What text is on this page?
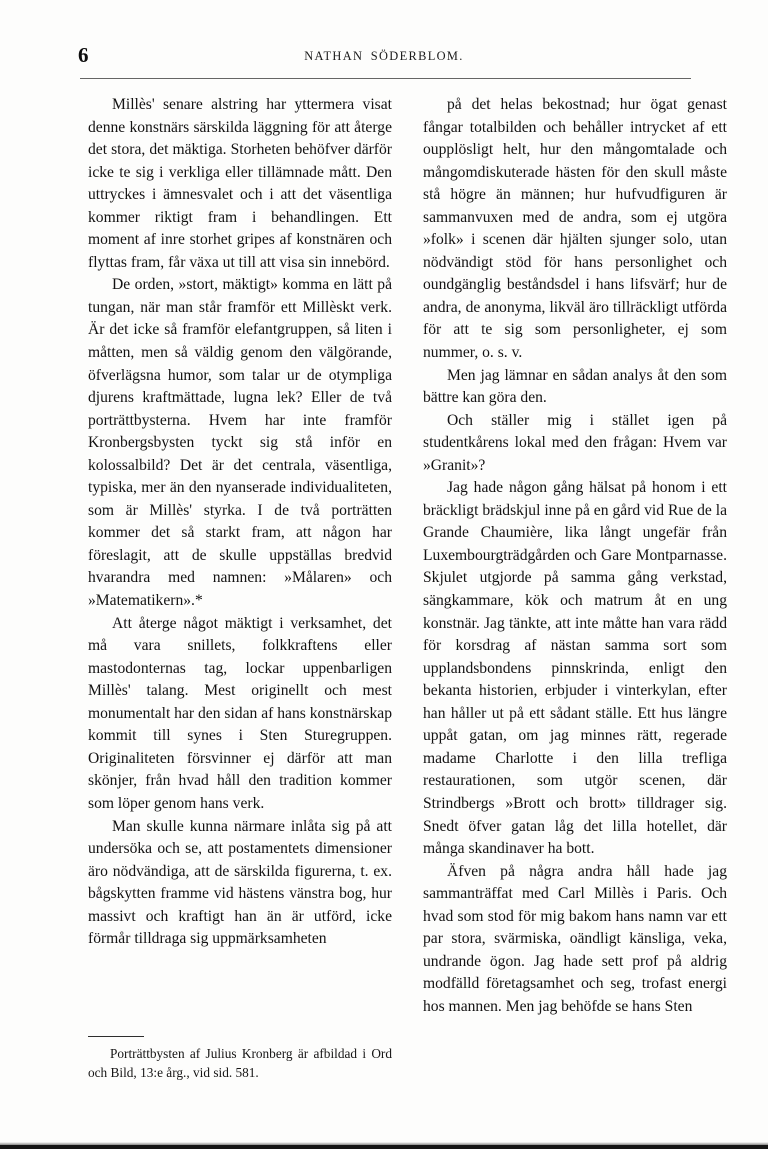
6	NATHAN SÖDERBLOM.

Millès' senare alstring har yttermera visat denne konstnärs särskilda läggning för att återge det stora, det mäktiga. Storheten behöfver därför icke te sig i verkliga eller tillämnade mått. Den uttryckes i ämnesvalet och i att det väsentliga kommer riktigt fram i behandlingen. Ett moment af inre storhet gripes af konstnären och flyttas fram, får växa ut till att visa sin innebörd.

De orden, »stort, mäktigt» komma en lätt på tungan, när man står framför ett Millèskt verk. Är det icke så framför elefantgruppen, så liten i måtten, men så väldig genom den välgörande, öfverlägsna humor, som talar ur de otympliga djurens kraftmättade, lugna lek? Eller de två porträttbysterna. Hvem har inte framför Kronbergsbysten tyckt sig stå inför en kolossalbild? Det är det centrala, väsentliga, typiska, mer än den nyanserade individualiteten, som är Millès' styrka. I de två porträtten kommer det så starkt fram, att någon har föreslagit, att de skulle uppställas bredvid hvarandra med namnen: »Målaren» och »Matematikern».*

Att återge något mäktigt i verksamhet, det må vara snillets, folkkraftens eller mastodonternas tag, lockar uppenbarligen Millès' talang. Mest originellt och mest monumentalt har den sidan af hans konstnärskap kommit till synes i Sten Sturegruppen. Originaliteten försvinner ej därför att man skönjer, från hvad håll den tradition kommer som löper genom hans verk.

Man skulle kunna närmare inlåta sig på att undersöka och se, att postamentets dimensioner äro nödvändiga, att de särskilda figurerna, t. ex. bågskytten framme vid hästens vänstra bog, hur massivt och kraftigt han än är utförd, icke förmår tilldraga sig uppmärksamheten

på det helas bekostnad; hur ögat genast fångar totalbilden och behåller intrycket af ett oupplösligt helt, hur den mångomtalade och mångomdiskuterade hästen för den skull måste stå högre än männen; hur hufvudfiguren är sammanvuxen med de andra, som ej utgöra »folk» i scenen där hjälten sjunger solo, utan nödvändigt stöd för hans personlighet och oundgänglig beståndsdel i hans lifsvärf; hur de andra, de anonyma, likväl äro tillräckligt utförda för att te sig som personligheter, ej som nummer, o. s. v.

Men jag lämnar en sådan analys åt den som bättre kan göra den.

Och ställer mig i stället igen på studentkårens lokal med den frågan: Hvem var »Granit»?

Jag hade någon gång hälsat på honom i ett bräckligt brädskjul inne på en gård vid Rue de la Grande Chaumière, lika långt ungefär från Luxembourgträdgården och Gare Montparnasse. Skjulet utgjorde på samma gång verkstad, sängkammare, kök och matrum åt en ung konstnär. Jag tänkte, att inte måtte han vara rädd för korsdrag af nästan samma sort som upplandsbondens pinnskrinda, enligt den bekanta historien, erbjuder i vinterkylan, efter han håller ut på ett sådant ställe. Ett hus längre uppåt gatan, om jag minnes rätt, regerade madame Charlotte i den lilla trefliga restaurationen, som utgör scenen, där Strindbergs »Brott och brott» tilldrager sig. Snedt öfver gatan låg det lilla hotellet, där många skandinaver ha bott.

Äfven på några andra håll hade jag sammanträffat med Carl Millès i Paris. Och hvad som stod för mig bakom hans namn var ett par stora, svärmiska, oändligt känsliga, veka, undrande ögon. Jag hade sett prof på aldrig modfälld företagsamhet och seg, trofast energi hos mannen. Men jag behöfde se hans Sten

Porträttbysten af Julius Kronberg är afbildad i Ord och Bild, 13:e årg., vid sid. 581.
